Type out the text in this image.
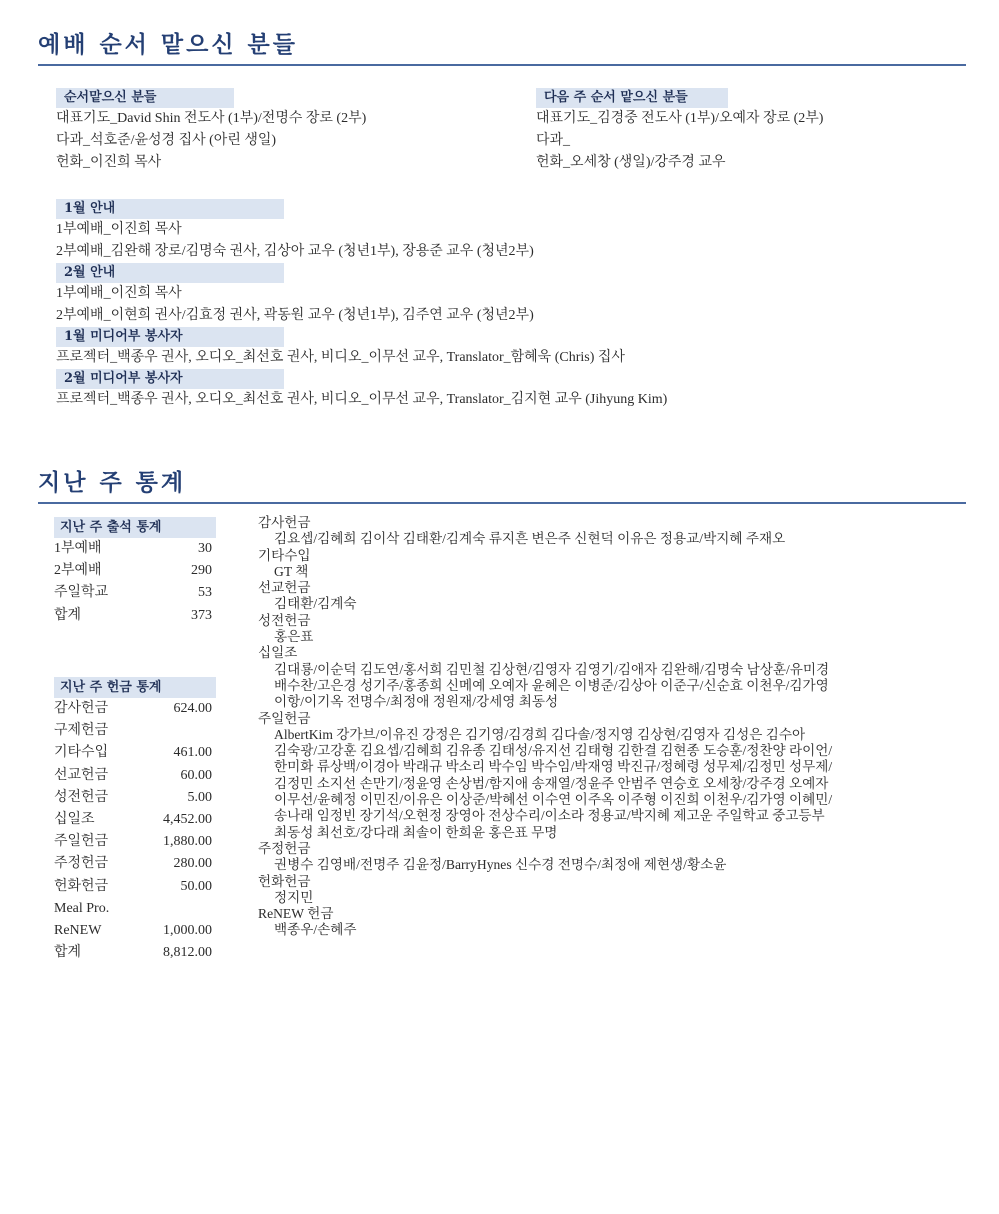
예배 순서 맡으신 분들
순서맡으신 분들
대표기도_David Shin 전도사 (1부)/전명수 장로 (2부)
다과_석호준/윤성경 집사 (아린 생일)
헌화_이진희 목사
다음 주 순서 맡으신 분들
대표기도_김경중 전도사 (1부)/오예자 장로 (2부)
다과_
헌화_오세창 (생일)/강주경 교우
1월 안내
1부예배_이진희 목사
2부예배_김완해 장로/김명숙 권사, 김상아 교우 (청년1부), 장용준 교우 (청년2부)
2월 안내
1부예배_이진희 목사
2부예배_이현희 권사/김효정 권사, 곽동원 교우 (청년1부), 김주연 교우 (청년2부)
1월 미디어부 봉사자
프로젝터_백종우 권사, 오디오_최선호 권사, 비디오_이무선 교우, Translator_함혜욱 (Chris) 집사
2월 미디어부 봉사자
프로젝터_백종우 권사, 오디오_최선호 권사, 비디오_이무선 교우, Translator_김지현 교우 (Jihyung Kim)
지난 주 통계
지난 주 출석 통계
1부예배	30
2부예배	290
주일학교	53
합계	373
지난 주 헌금 통계
감사헌금	624.00
구제헌금
기타수입	461.00
선교헌금	60.00
성전헌금	5.00
십일조	4,452.00
주일헌금	1,880.00
주정헌금	280.00
헌화헌금	50.00
Meal Pro.
ReNEW	1,000.00
합계	8,812.00
감사헌금
김요셉/김혜희 김이삭 김태환/김계숙 류지흔 변은주 신현덕 이유은 정용교/박지혜 주재오
기타수입
GT 책
선교헌금
김태환/김계숙
성전헌금
홍은표
십일조
김대룡/이순덕 김도연/홍서희 김민철 김상현/김영자 김영기/김애자 김완해/김명숙 남상훈/유미경
배수찬/고은경 성기주/홍종희 신메예 오예자 윤혜은 이병준/김상아 이준구/신순효 이천우/김가영
이항/이기옥 전명수/최정애 정원재/강세영 최동성
주일헌금
AlbertKim 강가브/이유진 강정은 김기영/김경희 김다솔/정지영 김상현/김영자 김성은 김수아
김숙광/고강훈 김요셉/김혜희 김유종 김태성/유지선 김태형 김한결 김현종 도승훈/정찬양 라이언/
한미화 류상백/이경아 박래규 박소리 박수임 박수임/박재영 박진규/정혜령 성무제/김정민 성무제/
김정민 소지선 손만기/정윤영 손상범/함지애 송재열/정윤주 안범주 연승호 오세창/강주경 오예자
이무선/윤혜정 이민진/이유은 이상준/박혜선 이수연 이주옥 이주형 이진희 이천우/김가영 이혜민/
송나래 임정빈 장기석/오현정 장영아 전상수리/이소라 정용교/박지혜 제고운 주일학교 중고등부
최동성 최선호/강다래 최솔이 한희윤 홍은표 무명
주정헌금
권병수 김영배/전명주 김윤정/BarryHynes 신수경 전명수/최정애 제현생/황소윤
헌화헌금
정지민
ReNEW 헌금
백종우/손혜주
